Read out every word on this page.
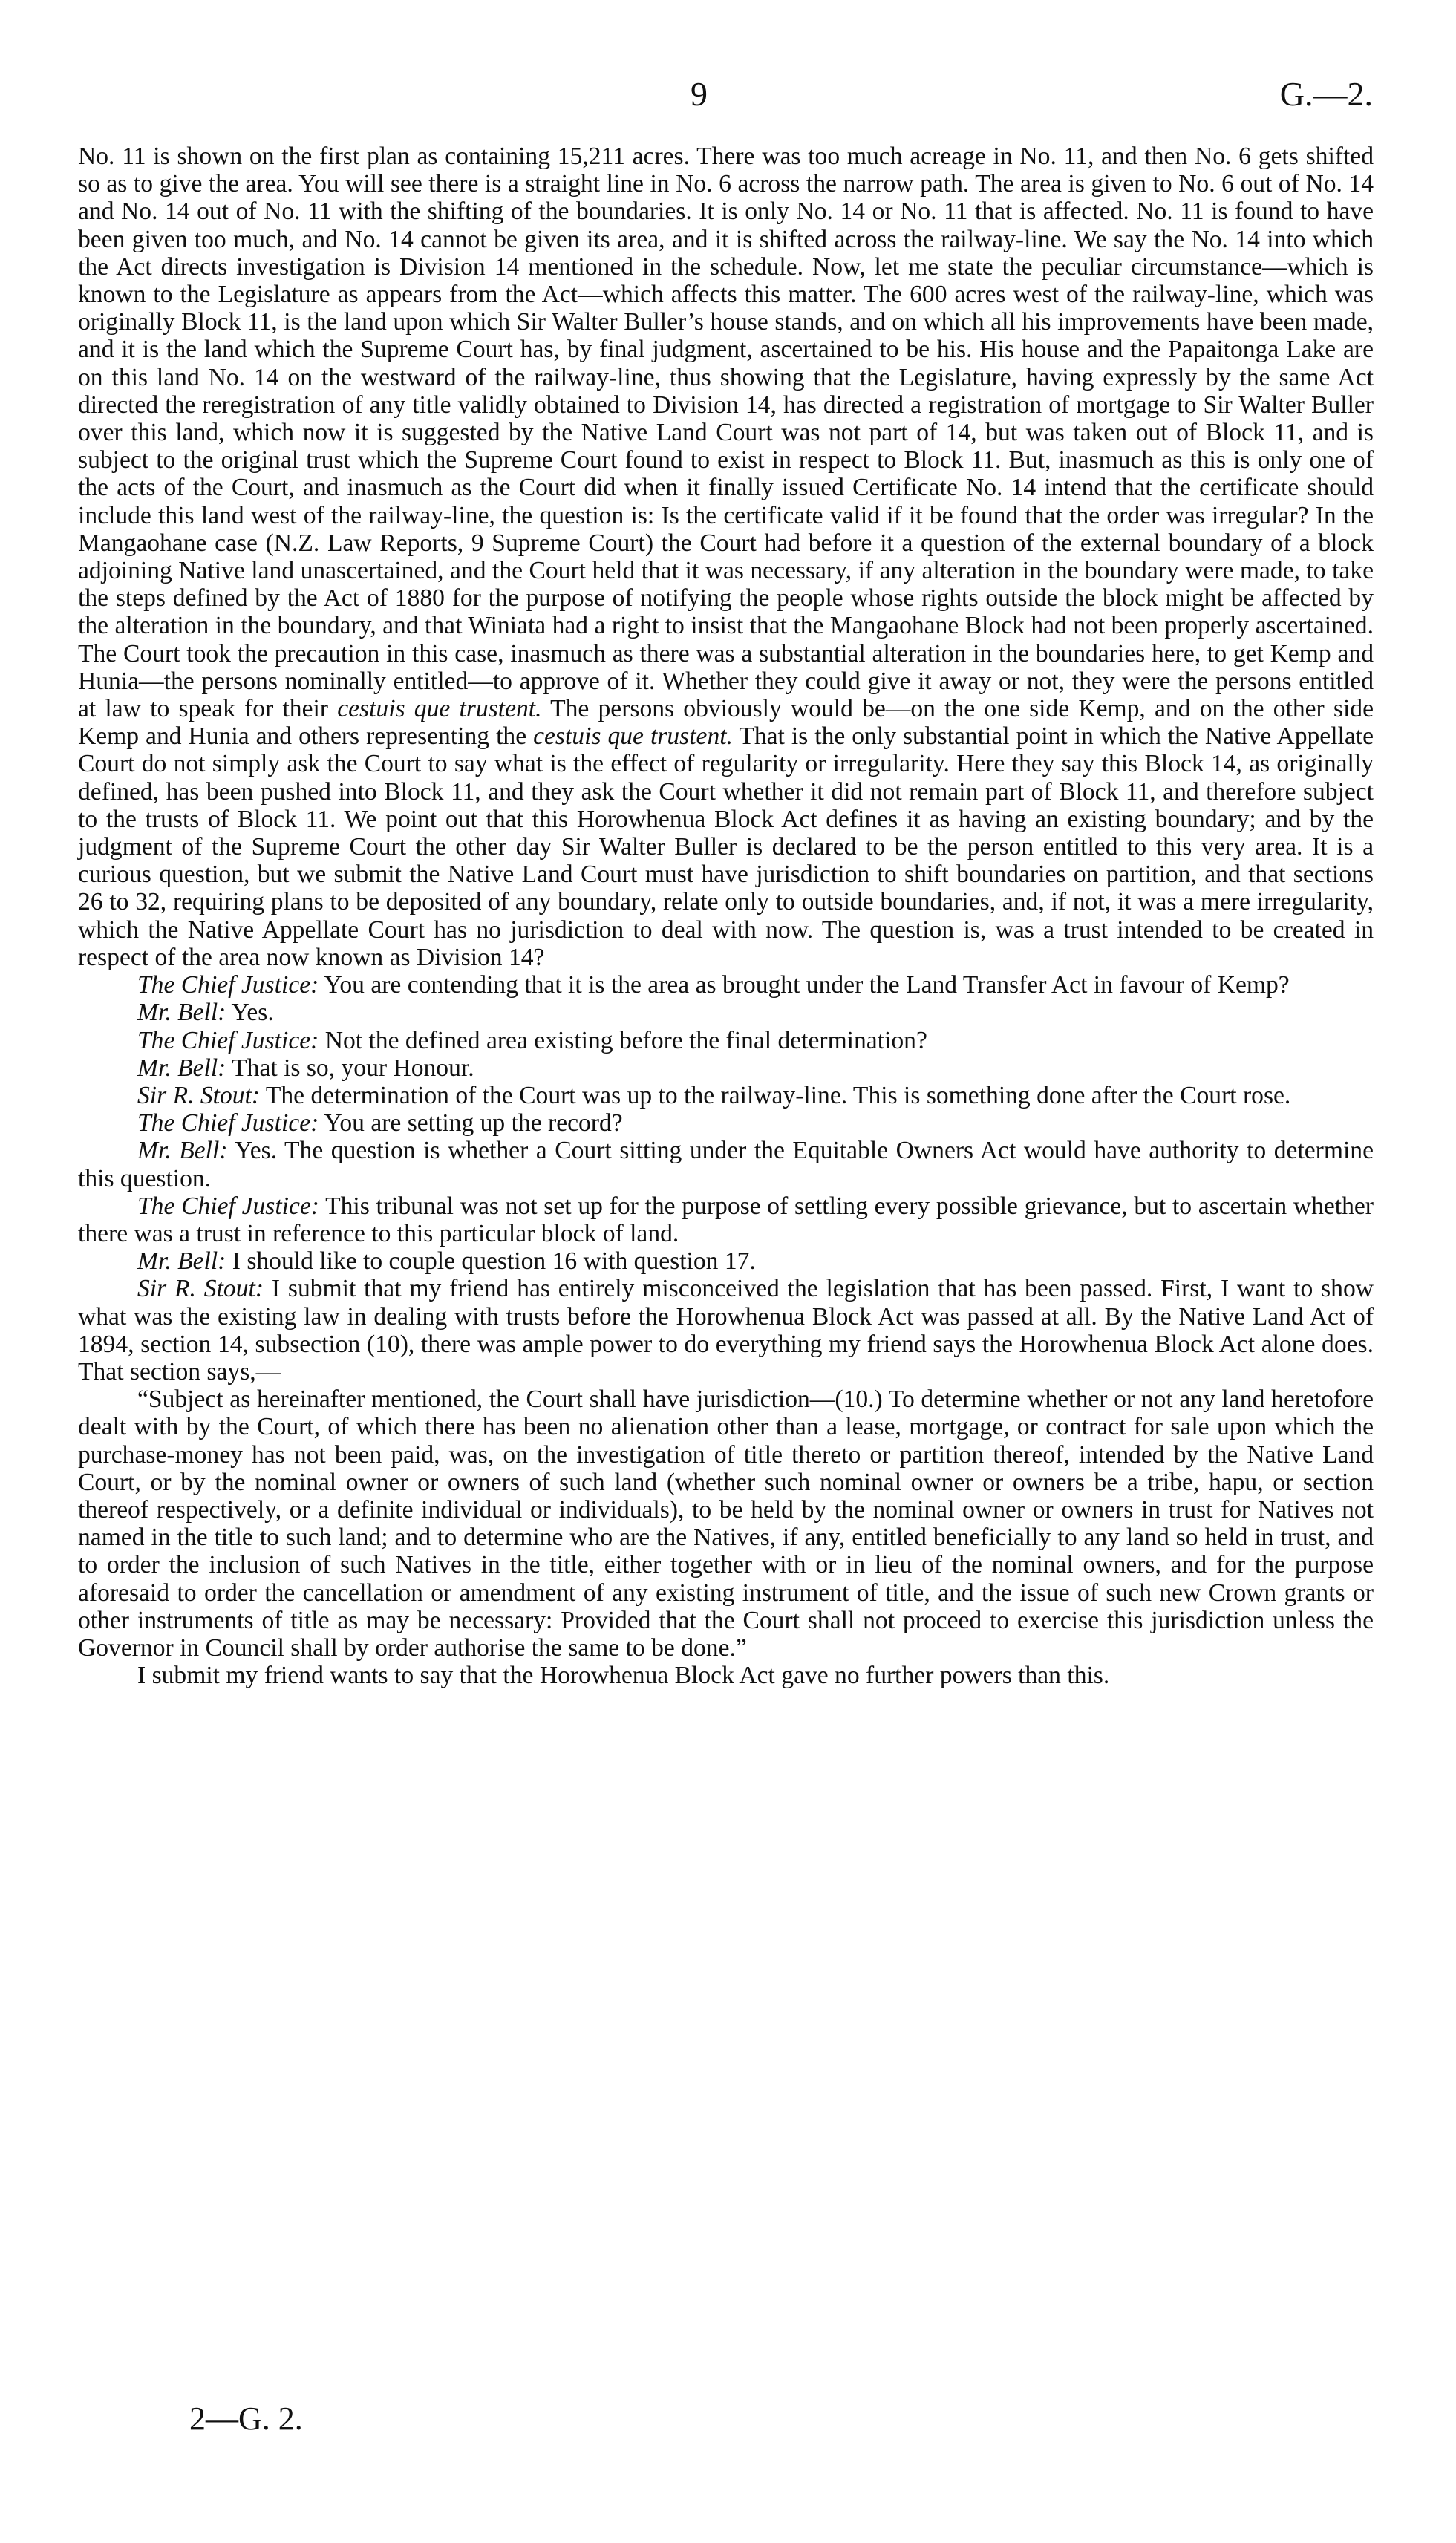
9	G.—2.

No. 11 is shown on the first plan as containing 15,211 acres. There was too much acreage in No. 11, and then No. 6 gets shifted so as to give the area. You will see there is a straight line in No. 6 across the narrow path. The area is given to No. 6 out of No. 14 and No. 14 out of No. 11 with the shifting of the boundaries. It is only No. 14 or No. 11 that is affected. No. 11 is found to have been given too much, and No. 14 cannot be given its area, and it is shifted across the railway-line. We say the No. 14 into which the Act directs investigation is Division 14 mentioned in the schedule. Now, let me state the peculiar circumstance—which is known to the Legislature as appears from the Act—which affects this matter. The 600 acres west of the railway-line, which was originally Block 11, is the land upon which Sir Walter Buller’s house stands, and on which all his improvements have been made, and it is the land which the Supreme Court has, by final judgment, ascertained to be his. His house and the Papaitonga Lake are on this land No. 14 on the westward of the railway-line, thus showing that the Legislature, having expressly by the same Act directed the reregistration of any title validly obtained to Division 14, has directed a registration of mortgage to Sir Walter Buller over this land, which now it is suggested by the Native Land Court was not part of 14, but was taken out of Block 11, and is subject to the original trust which the Supreme Court found to exist in respect to Block 11. But, inasmuch as this is only one of the acts of the Court, and inasmuch as the Court did when it finally issued Certificate No. 14 intend that the certificate should include this land west of the railway-line, the question is: Is the certificate valid if it be found that the order was irregular? In the Mangaohane case (N.Z. Law Reports, 9 Supreme Court) the Court had before it a question of the external boundary of a block adjoining Native land unascertained, and the Court held that it was necessary, if any alteration in the boundary were made, to take the steps defined by the Act of 1880 for the purpose of notifying the people whose rights outside the block might be affected by the alteration in the boundary, and that Winiata had a right to insist that the Mangaohane Block had not been properly ascertained. The Court took the precaution in this case, inasmuch as there was a substantial alteration in the boundaries here, to get Kemp and Hunia—the persons nominally entitled—to approve of it. Whether they could give it away or not, they were the persons entitled at law to speak for their cestuis que trustent. The persons obviously would be—on the one side Kemp, and on the other side Kemp and Hunia and others representing the cestuis que trustent. That is the only substantial point in which the Native Appellate Court do not simply ask the Court to say what is the effect of regularity or irregularity. Here they say this Block 14, as originally defined, has been pushed into Block 11, and they ask the Court whether it did not remain part of Block 11, and therefore subject to the trusts of Block 11. We point out that this Horowhenua Block Act defines it as having an existing boundary; and by the judgment of the Supreme Court the other day Sir Walter Buller is declared to be the person entitled to this very area. It is a curious question, but we submit the Native Land Court must have jurisdiction to shift boundaries on partition, and that sections 26 to 32, requiring plans to be deposited of any boundary, relate only to outside boundaries, and, if not, it was a mere irregularity, which the Native Appellate Court has no jurisdiction to deal with now. The question is, was a trust intended to be created in respect of the area now known as Division 14?

The Chief Justice: You are contending that it is the area as brought under the Land Transfer Act in favour of Kemp?

Mr. Bell: Yes.

The Chief Justice: Not the defined area existing before the final determination?

Mr. Bell: That is so, your Honour.

Sir R. Stout: The determination of the Court was up to the railway-line. This is something done after the Court rose.

The Chief Justice: You are setting up the record?

Mr. Bell: Yes. The question is whether a Court sitting under the Equitable Owners Act would have authority to determine this question.

The Chief Justice: This tribunal was not set up for the purpose of settling every possible grievance, but to ascertain whether there was a trust in reference to this particular block of land.

Mr. Bell: I should like to couple question 16 with question 17.

Sir R. Stout: I submit that my friend has entirely misconceived the legislation that has been passed. First, I want to show what was the existing law in dealing with trusts before the Horowhenua Block Act was passed at all. By the Native Land Act of 1894, section 14, subsection (10), there was ample power to do everything my friend says the Horowhenua Block Act alone does. That section says,—

“Subject as hereinafter mentioned, the Court shall have jurisdiction—(10.) To determine whether or not any land heretofore dealt with by the Court, of which there has been no alienation other than a lease, mortgage, or contract for sale upon which the purchase-money has not been paid, was, on the investigation of title thereto or partition thereof, intended by the Native Land Court, or by the nominal owner or owners of such land (whether such nominal owner or owners be a tribe, hapu, or section thereof respectively, or a definite individual or individuals), to be held by the nominal owner or owners in trust for Natives not named in the title to such land; and to determine who are the Natives, if any, entitled beneficially to any land so held in trust, and to order the inclusion of such Natives in the title, either together with or in lieu of the nominal owners, and for the purpose aforesaid to order the cancellation or amendment of any existing instrument of title, and the issue of such new Crown grants or other instruments of title as may be necessary: Provided that the Court shall not proceed to exercise this jurisdiction unless the Governor in Council shall by order authorise the same to be done.”

I submit my friend wants to say that the Horowhenua Block Act gave no further powers than this.

2—G. 2.
